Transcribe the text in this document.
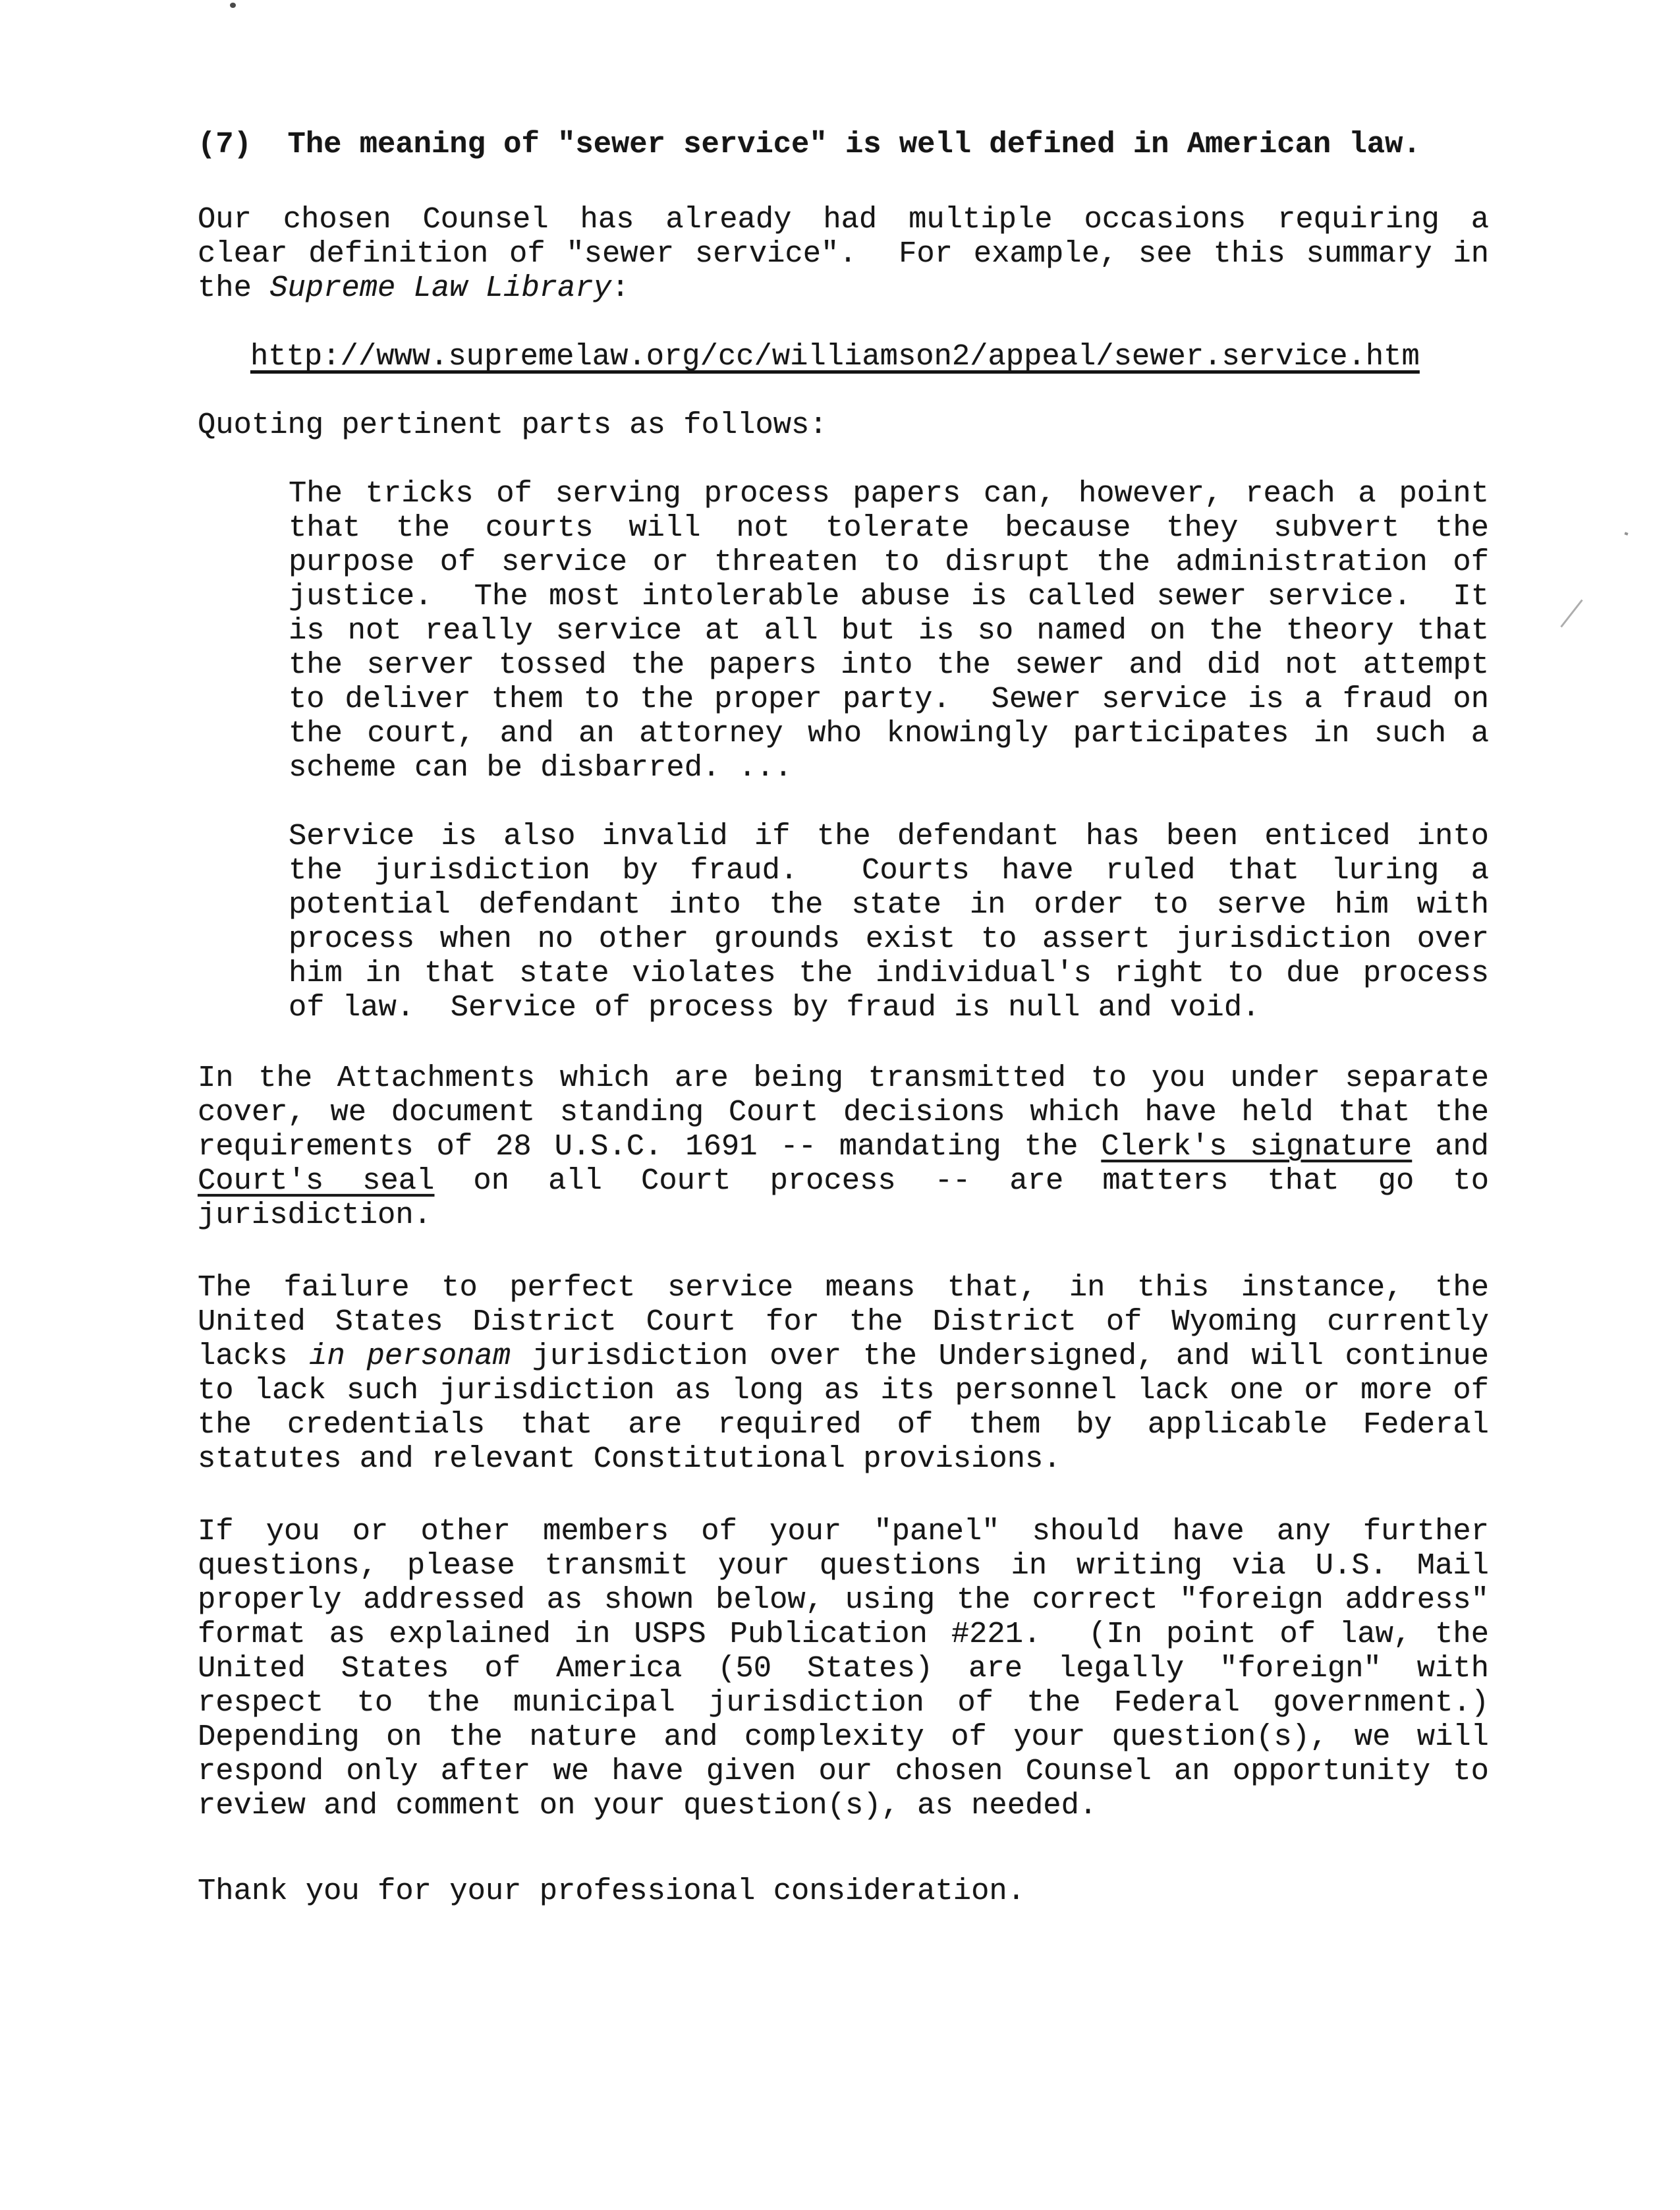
(7)  The meaning of "sewer service" is well defined in American law.
Our chosen Counsel has already had multiple occasions requiring a
clear definition of "sewer service".  For example, see this summary in
the Supreme Law Library:
http://www.supremelaw.org/cc/williamson2/appeal/sewer.service.htm
Quoting pertinent parts as follows:
The tricks of serving process papers can, however, reach a point
that the courts will not tolerate because they subvert the
purpose of service or threaten to disrupt the administration of
justice.  The most intolerable abuse is called sewer service.  It
is not really service at all but is so named on the theory that
the server tossed the papers into the sewer and did not attempt
to deliver them to the proper party.  Sewer service is a fraud on
the court, and an attorney who knowingly participates in such a
scheme can be disbarred. ...
Service is also invalid if the defendant has been enticed into
the jurisdiction by fraud.  Courts have ruled that luring a
potential defendant into the state in order to serve him with
process when no other grounds exist to assert jurisdiction over
him in that state violates the individual's right to due process
of law.  Service of process by fraud is null and void.
In the Attachments which are being transmitted to you under separate
cover, we document standing Court decisions which have held that the
requirements of 28 U.S.C. 1691 -- mandating the Clerk's signature and
Court's seal on all Court process -- are matters that go to
jurisdiction.
The failure to perfect service means that, in this instance, the
United States District Court for the District of Wyoming currently
lacks in personam jurisdiction over the Undersigned, and will continue
to lack such jurisdiction as long as its personnel lack one or more of
the credentials that are required of them by applicable Federal
statutes and relevant Constitutional provisions.
If you or other members of your "panel" should have any further
questions, please transmit your questions in writing via U.S. Mail
properly addressed as shown below, using the correct "foreign address"
format as explained in USPS Publication #221.  (In point of law, the
United States of America (50 States) are legally "foreign" with
respect to the municipal jurisdiction of the Federal government.)
Depending on the nature and complexity of your question(s), we will
respond only after we have given our chosen Counsel an opportunity to
review and comment on your question(s), as needed.
Thank you for your professional consideration.
